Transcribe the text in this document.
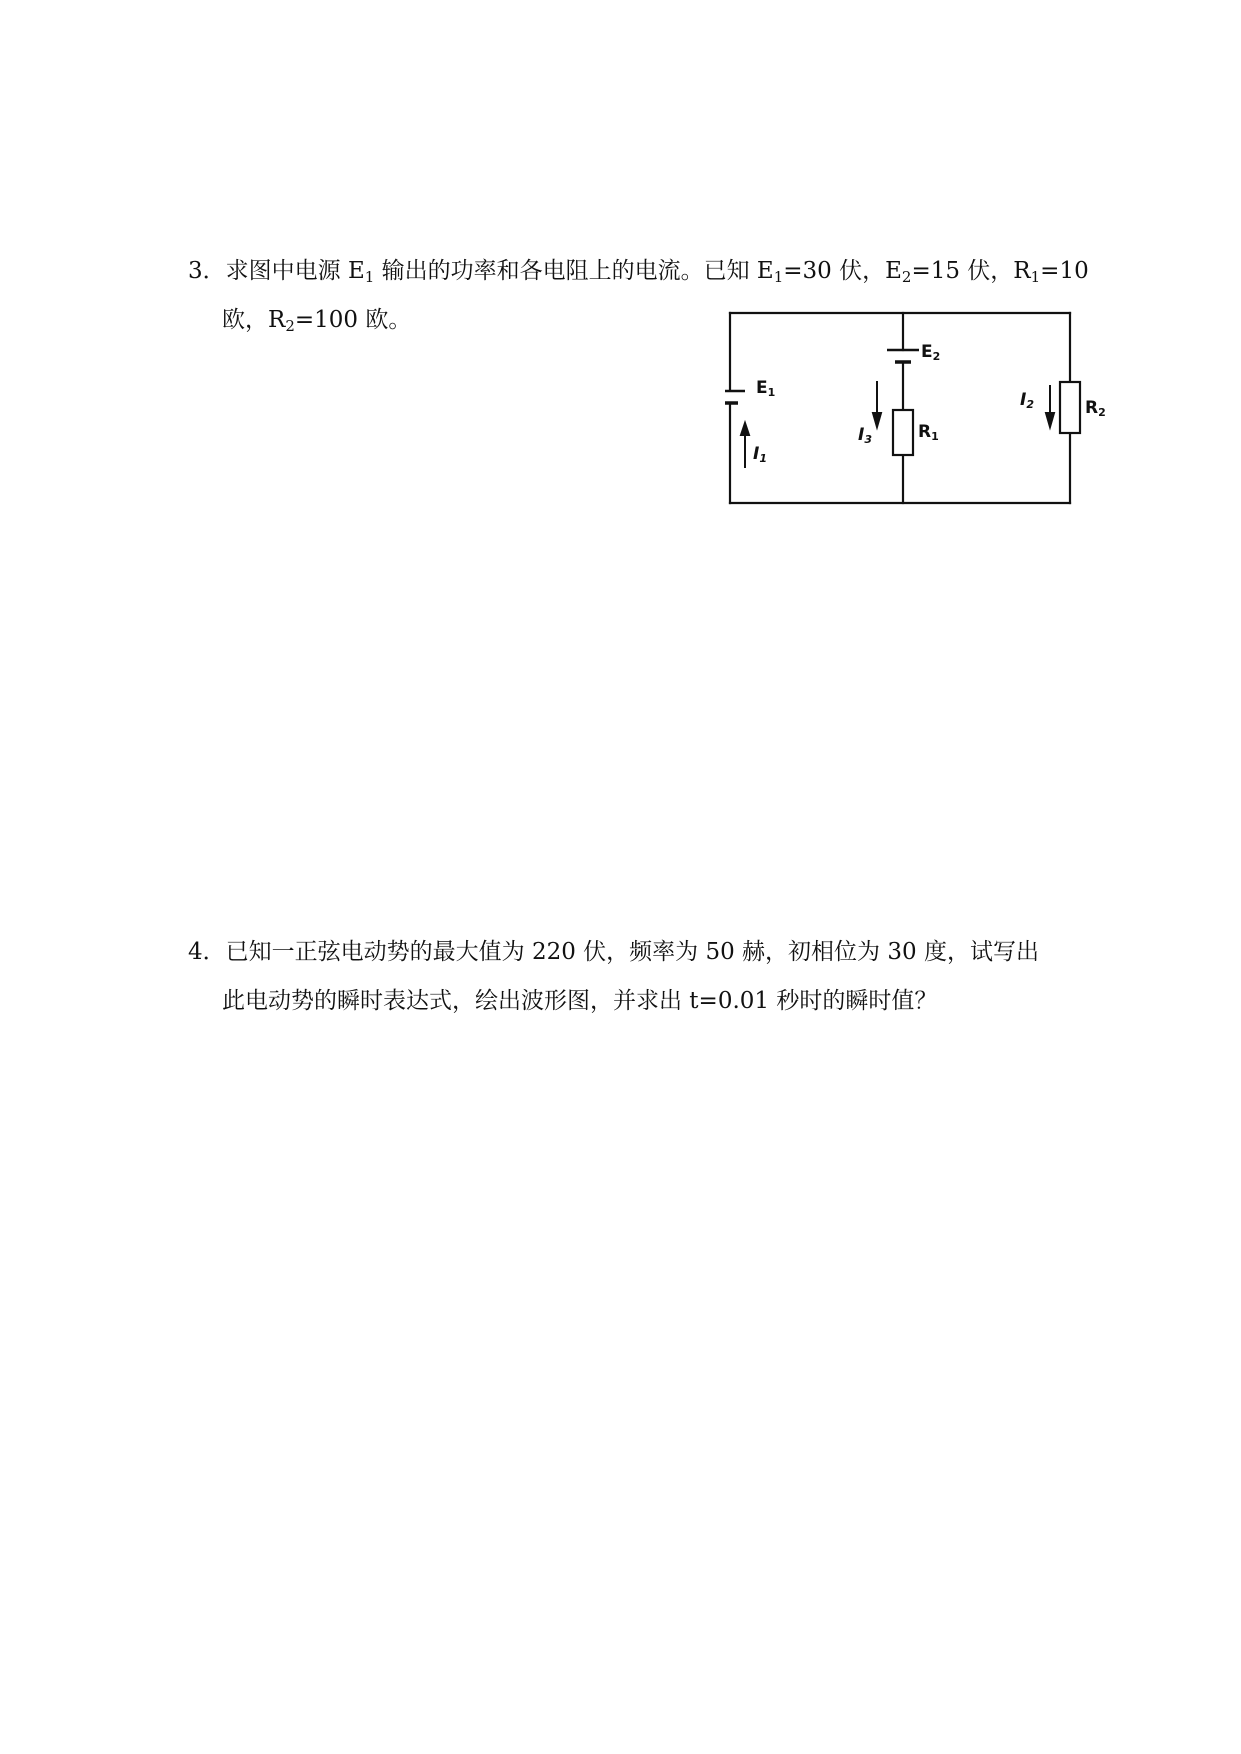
3．求图中电源 $E_1$ 输出的功率和各电阻上的电流。已知 $E_1=30$ 伏，$E_2=15$ 伏，$R_1=10$
欧，$R_2=100$ 欧。
E1
E2
R1
R2
I1
I2
I3
4．已知一正弦电动势的最大值为 220 伏，频率为 50 赫，初相位为 30 度，试写出
此电动势的瞬时表达式，绘出波形图，并求出 t=0.01 秒时的瞬时值？
